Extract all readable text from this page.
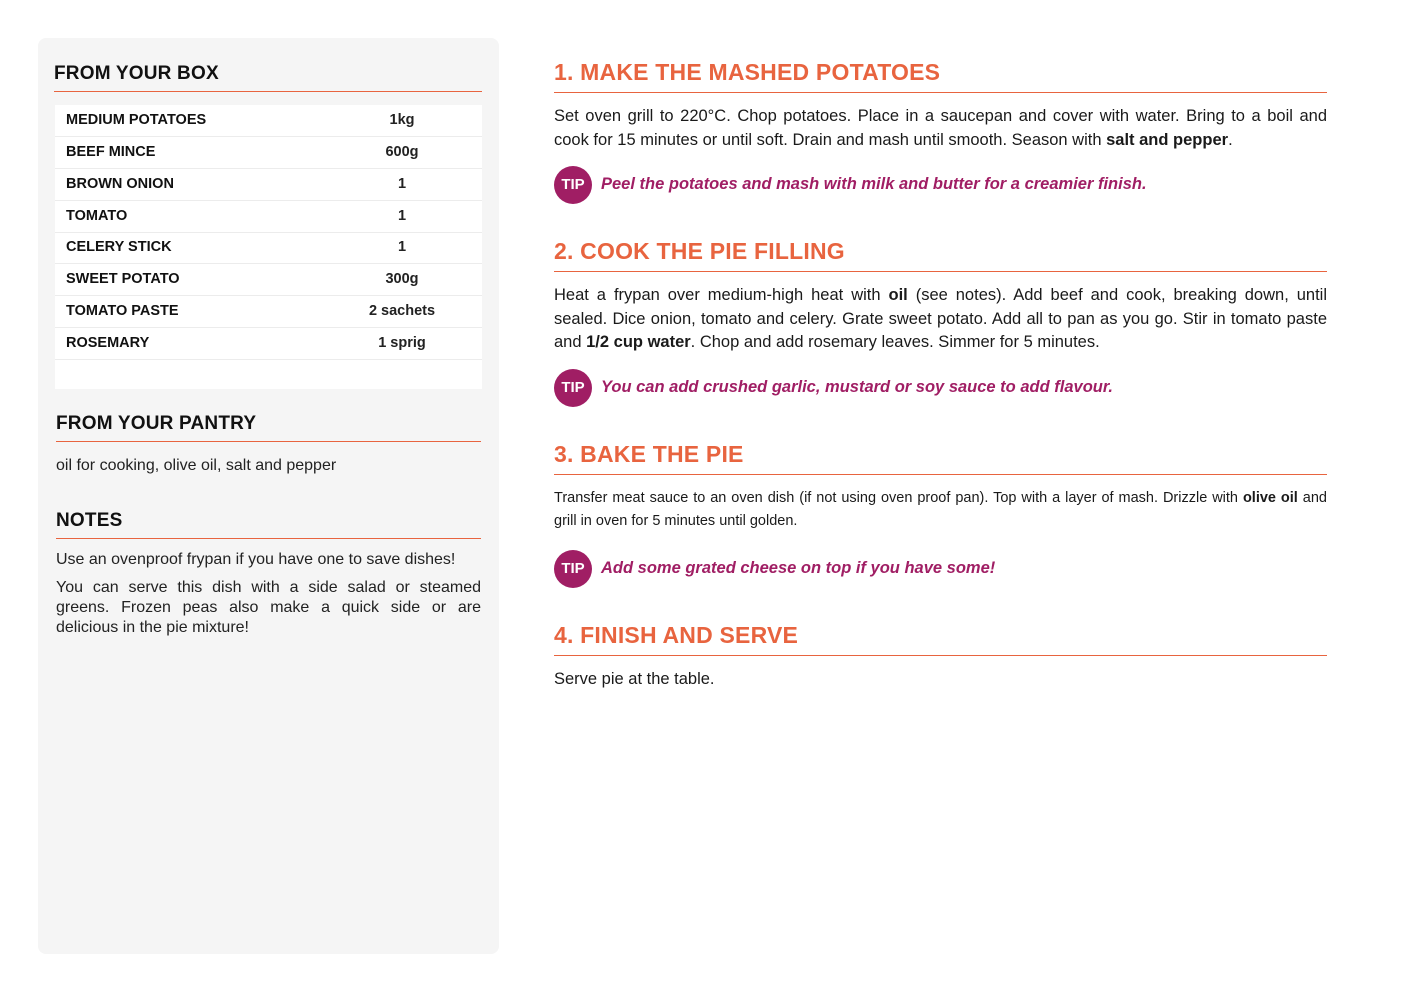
FROM YOUR BOX
MEDIUM POTATOES	1kg
BEEF MINCE	600g
BROWN ONION	1
TOMATO	1
CELERY STICK	1
SWEET POTATO	300g
TOMATO PASTE	2 sachets
ROSEMARY	1 sprig
FROM YOUR PANTRY
oil for cooking, olive oil, salt and pepper
NOTES

Use an ovenproof frypan if you have one to save dishes!

You can serve this dish with a side salad or steamed greens. Frozen peas also make a quick side or are delicious in the pie mixture!

1. MAKE THE MASHED POTATOES
Set oven grill to 220°C. Chop potatoes. Place in a saucepan and cover with water. Bring to a boil and cook for 15 minutes or until soft. Drain and mash until smooth. Season with salt and pepper.
TIP Peel the potatoes and mash with milk and butter for a creamier finish.
2. COOK THE PIE FILLING
Heat a frypan over medium-high heat with oil (see notes). Add beef and cook, breaking down, until sealed. Dice onion, tomato and celery. Grate sweet potato. Add all to pan as you go. Stir in tomato paste and 1/2 cup water. Chop and add rosemary leaves. Simmer for 5 minutes.
TIP You can add crushed garlic, mustard or soy sauce to add flavour.
3. BAKE THE PIE
Transfer meat sauce to an oven dish (if not using oven proof pan). Top with a layer of mash. Drizzle with olive oil and grill in oven for 5 minutes until golden.
TIP Add some grated cheese on top if you have some!
4. FINISH AND SERVE
Serve pie at the table.
